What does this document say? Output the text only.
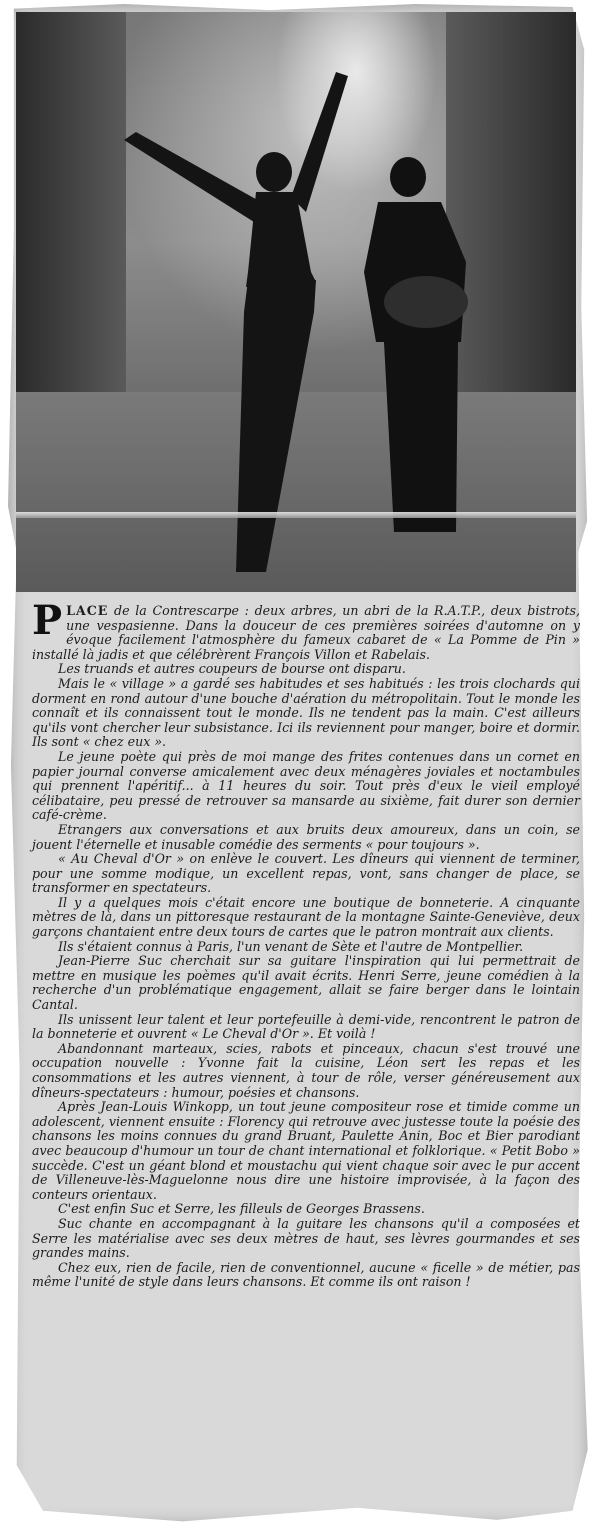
PLACE de la Contrescarpe : deux arbres, un abri de la R.A.T.P., deux bistrots, une vespasienne. Dans la douceur de ces premières soirées d'automne on y évoque facilement l'atmosphère du fameux cabaret de « La Pomme de Pin » installé là jadis et que célébrèrent François Villon et Rabelais.

Les truands et autres coupeurs de bourse ont disparu.

Mais le « village » a gardé ses habitudes et ses habitués : les trois clochards qui dorment en rond autour d'une bouche d'aération du métropolitain. Tout le monde les connaît et ils connaissent tout le monde. Ils ne tendent pas la main. C'est ailleurs qu'ils vont chercher leur subsistance. Ici ils reviennent pour manger, boire et dormir. Ils sont « chez eux ».

Le jeune poète qui près de moi mange des frites contenues dans un cornet en papier journal converse amicalement avec deux ménagères joviales et noctambules qui prennent l'apéritif... à 11 heures du soir. Tout près d'eux le vieil employé célibataire, peu pressé de retrouver sa mansarde au sixième, fait durer son dernier café-crème.

Etrangers aux conversations et aux bruits deux amoureux, dans un coin, se jouent l'éternelle et inusable comédie des serments « pour toujours ».

« Au Cheval d'Or » on enlève le couvert. Les dîneurs qui viennent de terminer, pour une somme modique, un excellent repas, vont, sans changer de place, se transformer en spectateurs.

Il y a quelques mois c'était encore une boutique de bonneterie. A cinquante mètres de là, dans un pittoresque restaurant de la montagne Sainte-Geneviève, deux garçons chantaient entre deux tours de cartes que le patron montrait aux clients.

Ils s'étaient connus à Paris, l'un venant de Sète et l'autre de Montpellier.

Jean-Pierre Suc cherchait sur sa guitare l'inspiration qui lui permettrait de mettre en musique les poèmes qu'il avait écrits. Henri Serre, jeune comédien à la recherche d'un problématique engagement, allait se faire berger dans le lointain Cantal.

Ils unissent leur talent et leur portefeuille à demi-vide, rencontrent le patron de la bonneterie et ouvrent « Le Cheval d'Or ». Et voilà !

Abandonnant marteaux, scies, rabots et pinceaux, chacun s'est trouvé une occupation nouvelle : Yvonne fait la cuisine, Léon sert les repas et les consommations et les autres viennent, à tour de rôle, verser généreusement aux dîneurs-spectateurs : humour, poésies et chansons.

Après Jean-Louis Winkopp, un tout jeune compositeur rose et timide comme un adolescent, viennent ensuite : Florency qui retrouve avec justesse toute la poésie des chansons les moins connues du grand Bruant, Paulette Anin, Boc et Bier parodiant avec beaucoup d'humour un tour de chant international et folklorique. « Petit Bobo » succède. C'est un géant blond et moustachu qui vient chaque soir avec le pur accent de Villeneuve-lès-Maguelonne nous dire une histoire improvisée, à la façon des conteurs orientaux.

C'est enfin Suc et Serre, les filleuls de Georges Brassens.

Suc chante en accompagnant à la guitare les chansons qu'il a composées et Serre les matérialise avec ses deux mètres de haut, ses lèvres gourmandes et ses grandes mains.

Chez eux, rien de facile, rien de conventionnel, aucune « ficelle » de métier, pas même l'unité de style dans leurs chansons. Et comme ils ont raison !
